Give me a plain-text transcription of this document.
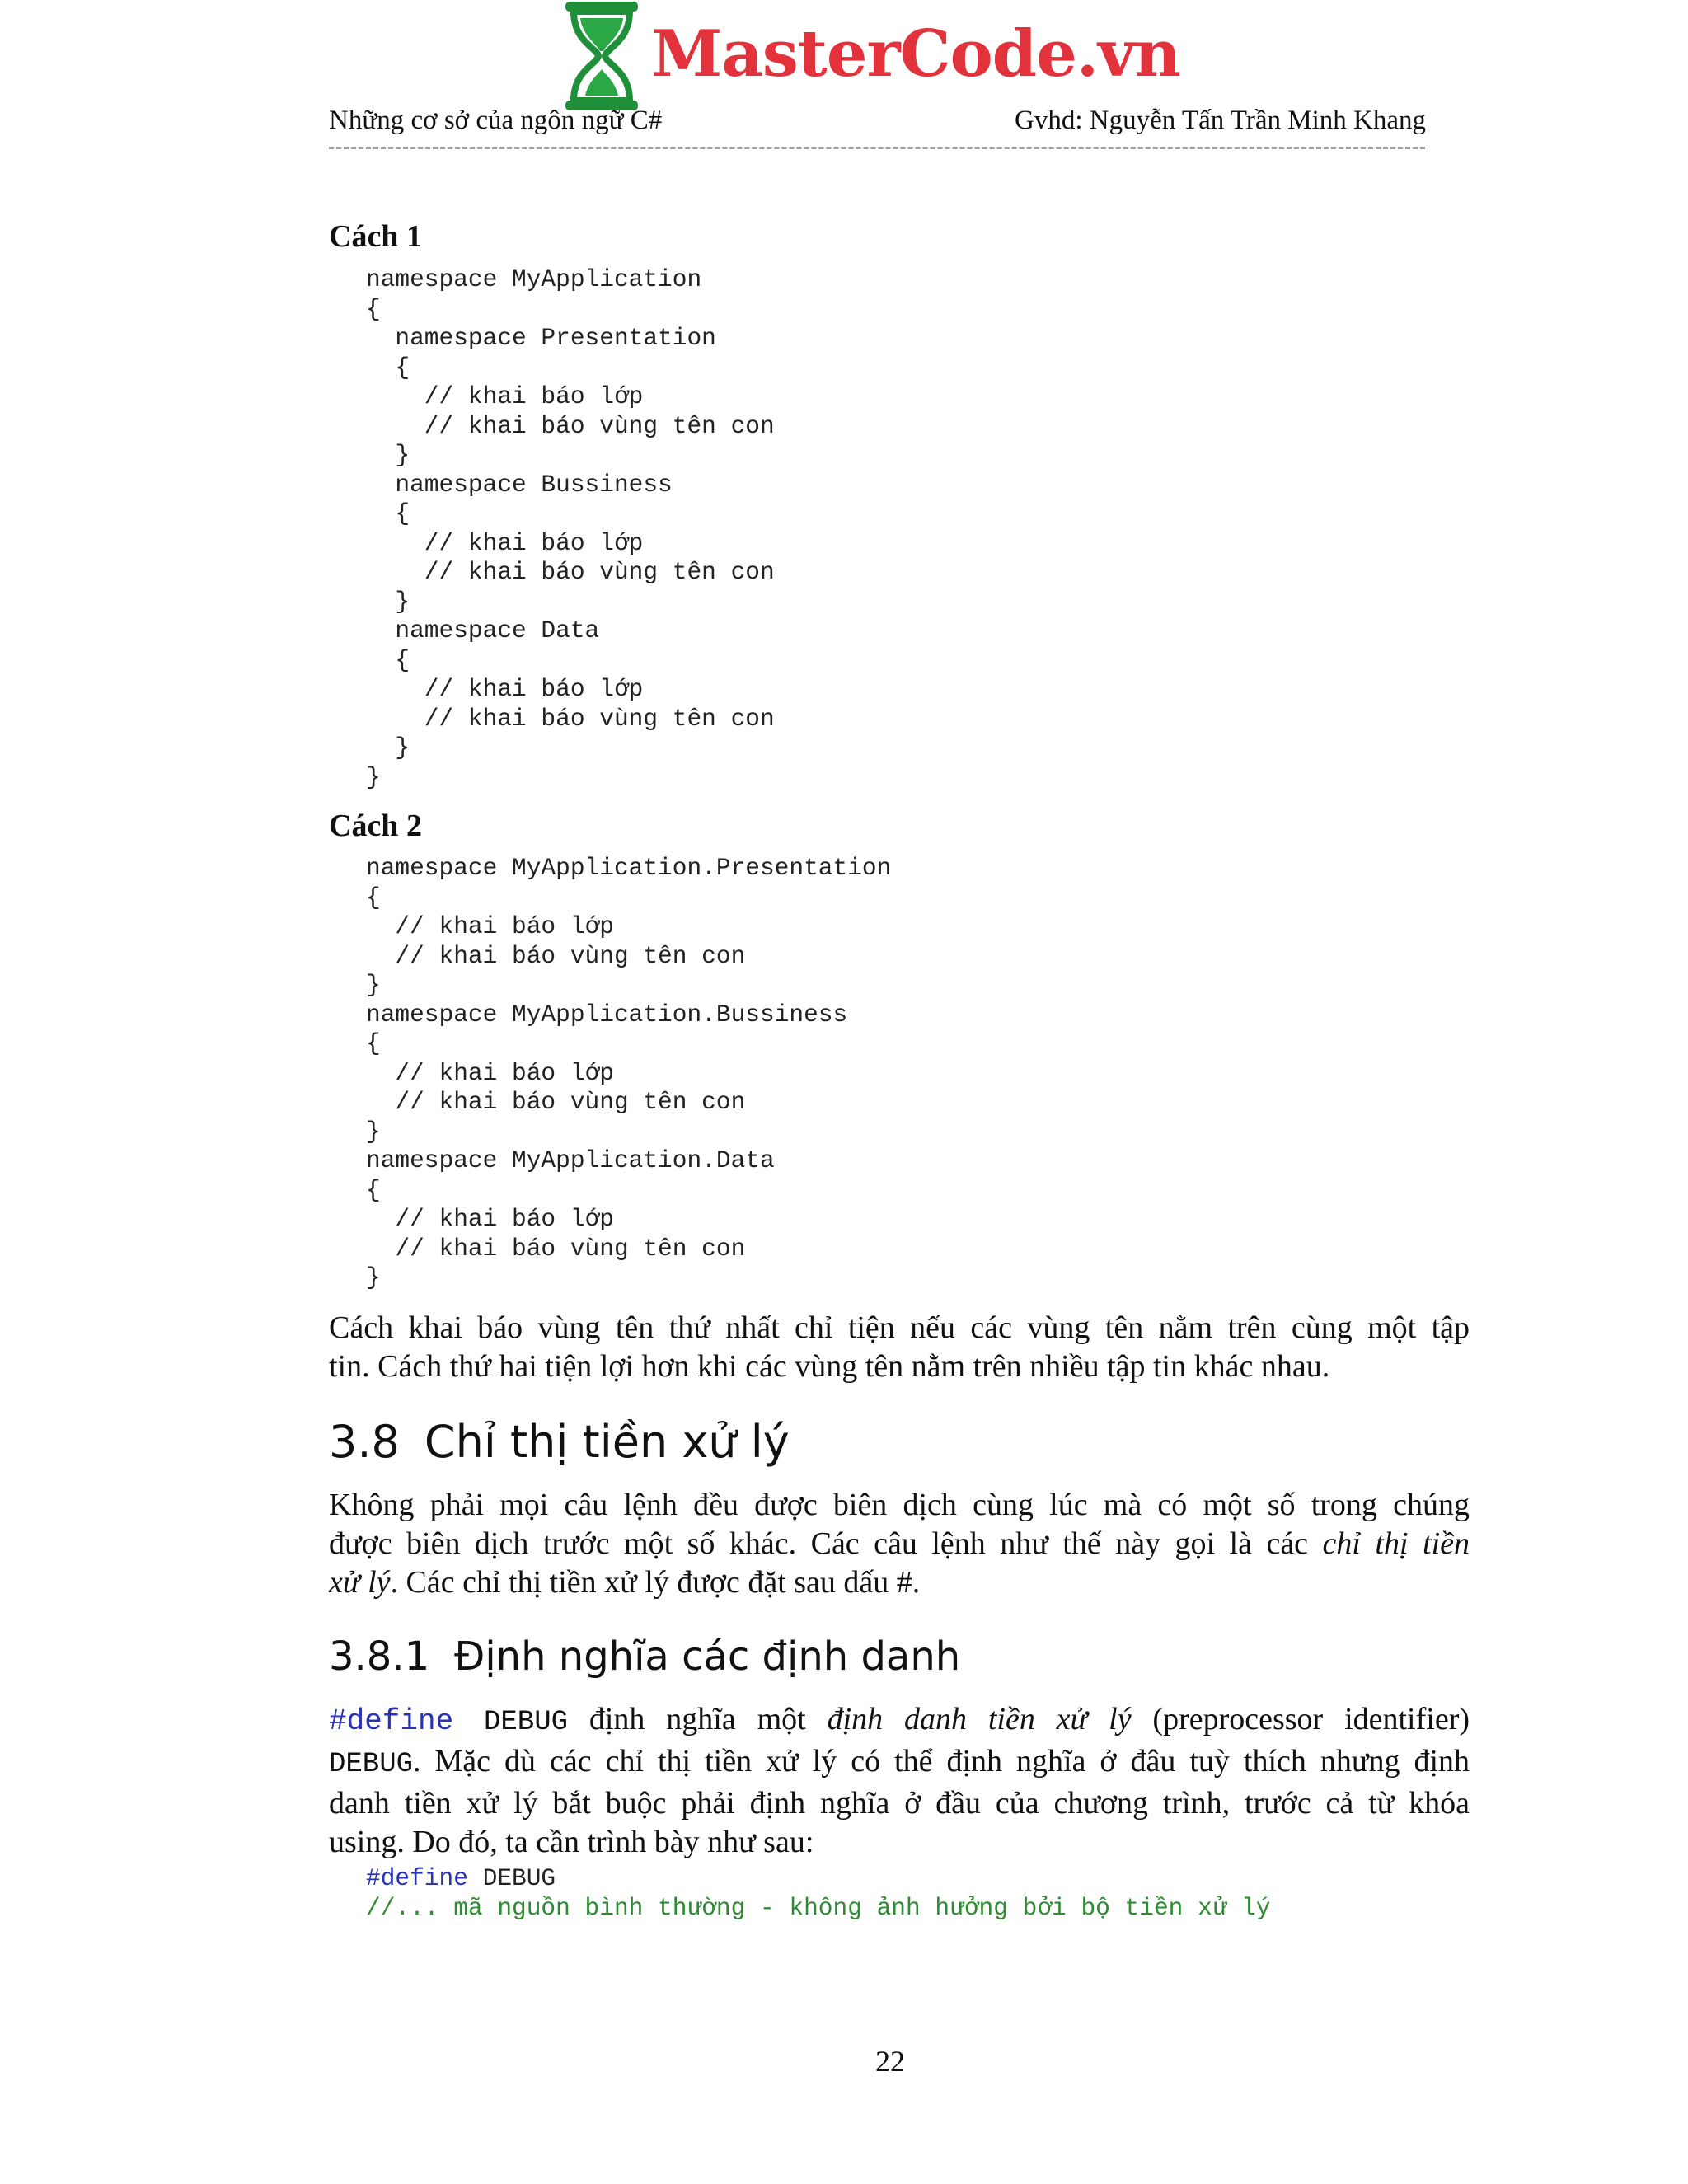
MasterCode.vn
Những cơ sở của ngôn ngữ C#	Gvhd: Nguyễn Tấn Trần Minh Khang
Cách 1
namespace MyApplication
{
namespace Presentation
{
// khai báo lớp
// khai báo vùng tên con
}
namespace Bussiness
{
// khai báo lớp
// khai báo vùng tên con
}
namespace Data
{
// khai báo lớp
// khai báo vùng tên con
}
}
Cách 2
namespace MyApplication.Presentation
{
// khai báo lớp
// khai báo vùng tên con
}
namespace MyApplication.Bussiness
{
// khai báo lớp
// khai báo vùng tên con
}
namespace MyApplication.Data
{
// khai báo lớp
// khai báo vùng tên con
}
Cách khai báo vùng tên thứ nhất chỉ tiện nếu các vùng tên nằm trên cùng một tập
tin. Cách thứ hai tiện lợi hơn khi các vùng tên nằm trên nhiều tập tin khác nhau.
3.8 Chỉ thị tiền xử lý
Không phải mọi câu lệnh đều được biên dịch cùng lúc mà có một số trong chúng
được biên dịch trước một số khác. Các câu lệnh như thế này gọi là các chỉ thị tiền
xử lý. Các chỉ thị tiền xử lý được đặt sau dấu #.
3.8.1 Định nghĩa các định danh
#define DEBUG định nghĩa một định danh tiền xử lý (preprocessor identifier)
DEBUG. Mặc dù các chỉ thị tiền xử lý có thể định nghĩa ở đâu tuỳ thích nhưng định
danh tiền xử lý bắt buộc phải định nghĩa ở đầu của chương trình, trước cả từ khóa
using. Do đó, ta cần trình bày như sau:
#define DEBUG
//... mã nguồn bình thường - không ảnh hưởng bởi bộ tiền xử lý
22
